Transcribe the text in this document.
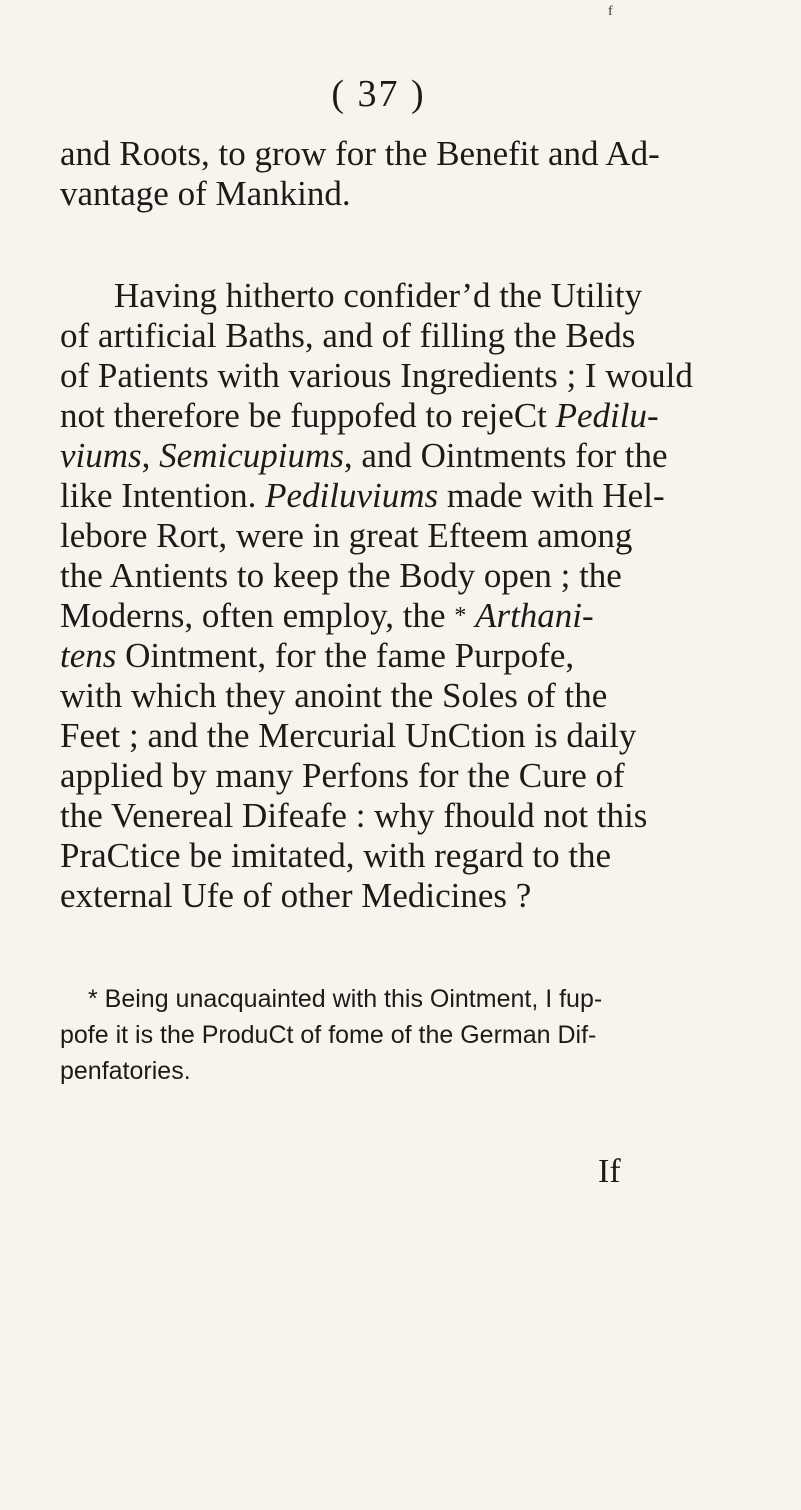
f
( 37 )
and Roots, to grow for the Benefit and Ad-
vantage of Mankind.
Having hitherto confider’d the Utility
of artificial Baths, and of filling the Beds
of Patients with various Ingredients ; I would
not therefore be fuppofed to rejeCt Pedilu-
viums, Semicupiums, and Ointments for the
like Intention. Pediluviums made with Hel-
lebore Rort, were in great Efteem among
the Antients to keep the Body open ; the
Moderns, often employ, the * Arthani-
tens Ointment, for the fame Purpofe,
with which they anoint the Soles of the
Feet ; and the Mercurial UnCtion is daily
applied by many Perfons for the Cure of
the Venereal Difeafe : why fhould not this
PraCtice be imitated, with regard to the
external Ufe of other Medicines ?
* Being unacquainted with this Ointment, I fup-
pofe it is the ProduCt of fome of the German Dif-
penfatories.
If
